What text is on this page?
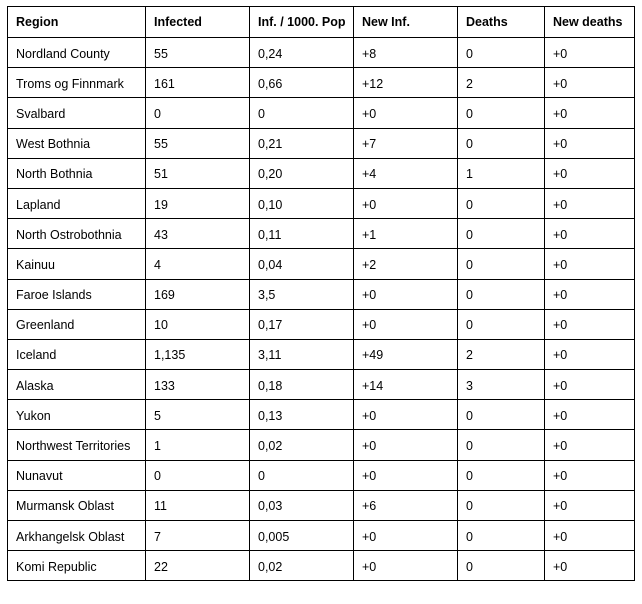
Region	Infected	Inf. / 1000. Pop	New Inf.	Deaths	New deaths
Nordland County	55	0,24	+8	0	+0
Troms og Finnmark	161	0,66	+12	2	+0
Svalbard	0	0	+0	0	+0
West Bothnia	55	0,21	+7	0	+0
North Bothnia	51	0,20	+4	1	+0
Lapland	19	0,10	+0	0	+0
North Ostrobothnia	43	0,11	+1	0	+0
Kainuu	4	0,04	+2	0	+0
Faroe Islands	169	3,5	+0	0	+0
Greenland	10	0,17	+0	0	+0
Iceland	1,135	3,11	+49	2	+0
Alaska	133	0,18	+14	3	+0
Yukon	5	0,13	+0	0	+0
Northwest Territories	1	0,02	+0	0	+0
Nunavut	0	0	+0	0	+0
Murmansk Oblast	11	0,03	+6	0	+0
Arkhangelsk Oblast	7	0,005	+0	0	+0
Komi Republic	22	0,02	+0	0	+0
